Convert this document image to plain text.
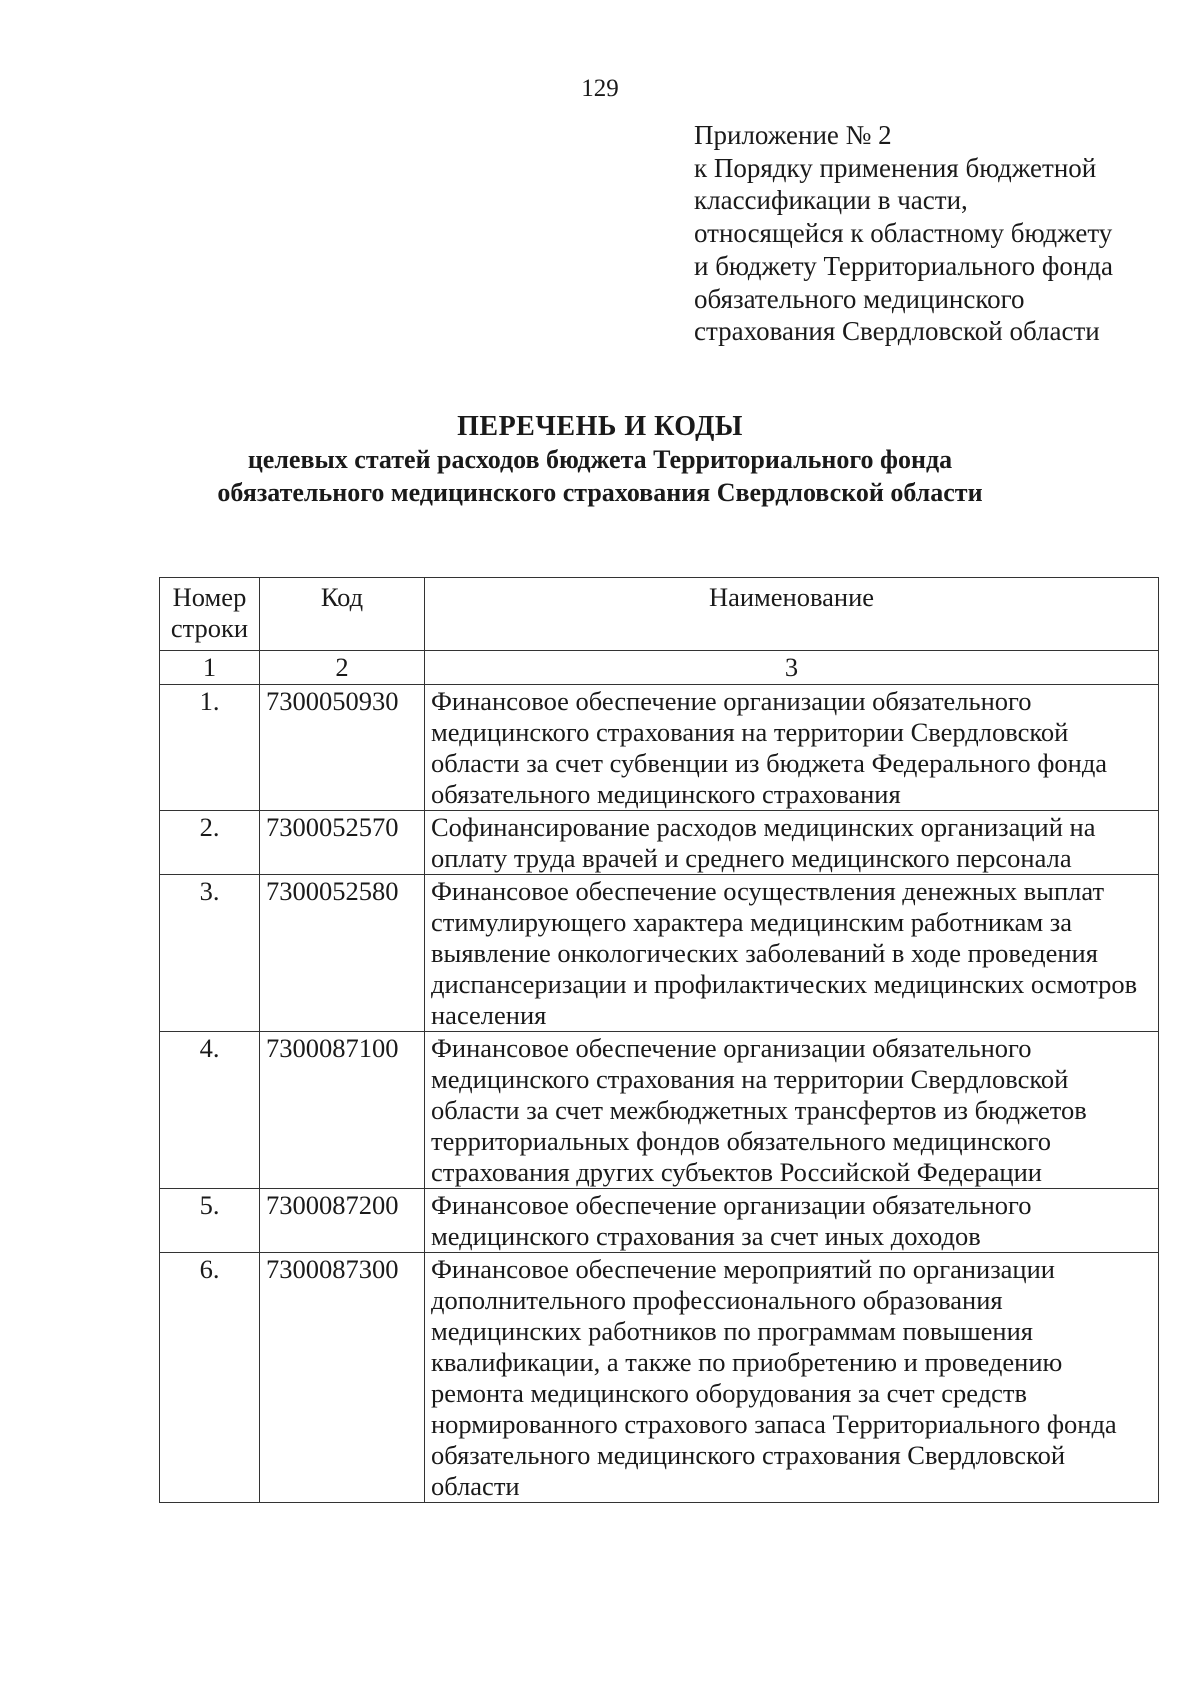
129
Приложение № 2
к Порядку применения бюджетной
классификации в части,
относящейся к областному бюджету
и бюджету Территориального фонда
обязательного медицинского
страхования Свердловской области
ПЕРЕЧЕНЬ И КОДЫ
целевых статей расходов бюджета Территориального фонда
обязательного медицинского страхования Свердловской области
Номер строки	Код	Наименование
1	2	3
1.	7300050930	Финансовое обеспечение организации обязательного медицинского страхования на территории Свердловской области за счет субвенции из бюджета Федерального фонда обязательного медицинского страхования
2.	7300052570	Софинансирование расходов медицинских организаций на оплату труда врачей и среднего медицинского персонала
3.	7300052580	Финансовое обеспечение осуществления денежных выплат стимулирующего характера медицинским работникам за выявление онкологических заболеваний в ходе проведения диспансеризации и профилактических медицинских осмотров населения
4.	7300087100	Финансовое обеспечение организации обязательного медицинского страхования на территории Свердловской области за счет межбюджетных трансфертов из бюджетов территориальных фондов обязательного медицинского страхования других субъектов Российской Федерации
5.	7300087200	Финансовое обеспечение организации обязательного медицинского страхования за счет иных доходов
6.	7300087300	Финансовое обеспечение мероприятий по организации дополнительного профессионального образования медицинских работников по программам повышения квалификации, а также по приобретению и проведению ремонта медицинского оборудования за счет средств нормированного страхового запаса Территориального фонда обязательного медицинского страхования Свердловской области
